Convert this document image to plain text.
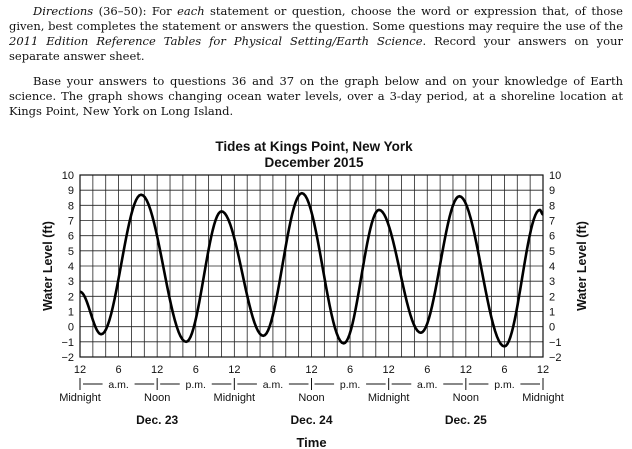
Directions (36–50): For each statement or question, choose the word or expression that, of those given, best completes the statement or answers the question. Some questions may require the use of the 2011 Edition Reference Tables for Physical Setting/Earth Science. Record your answers on your separate answer sheet.

Base your answers to questions 36 and 37 on the graph below and on your knowledge of Earth science. The graph shows changing ocean water levels, over a 3-day period, at a shoreline location at Kings Point, New York on Long Island.

Tides at Kings Point, New York
December 2015
10	10
9	9
8	8
7	7
6	6
5	5
4	4
3	3
2	2
1	1
0	0
−1	−1
−2	−2
Water Level (ft)	Water Level (ft)
12	6	12	6	12	6	12	6	12	6	12	6	12
a.m.	p.m.	a.m.	p.m.	a.m.	p.m.
Midnight	Noon	Midnight	Noon	Midnight	Noon	Midnight
Dec. 23	Dec. 24	Dec. 25
Time
